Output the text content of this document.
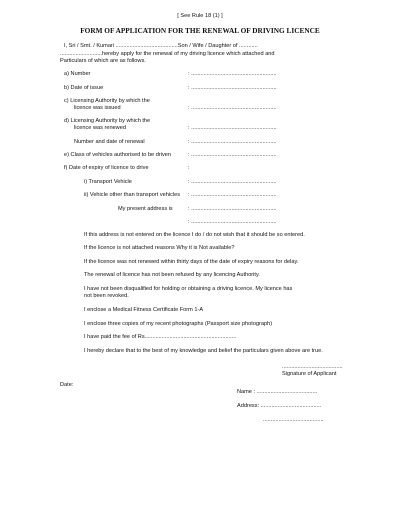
[ See Rule 18 (1) ]
FORM OF APPLICATION FOR THE RENEWAL OF DRIVING LICENCE
I, Sri / Smt. / Kumari ........................................Son / Wife / Daughter of ............
...........................hereby apply for the renewal of my driving licence which attached and
Particulars of which are as follows.
a) Number	: .......................................................
b) Date of issue	: .......................................................
c) Licensing Authority by which the
licence was issued	: .......................................................
d) Licensing Authority by which the
licence was renewed	: .......................................................
Number and date of renewal	: .......................................................
e) Class of vehicles authorised to be driven	: .......................................................
f) Date of expiry of licence to drive	:
i) Transport Vehicle	: .......................................................
ii) Vehicle other than transport vehicles : .......................................................
My present address is	: .......................................................
: .......................................................
If this address is not entered on the licence I do / do not wish that it should be so entered.
If the licence is not attached reasons Why it is Not available?
If the licence was not renewed within thirty days of the date of expiry reasons for delay.
The renewal of licence has not been refused by any licencing Authority.
I have not been disqualified for holding or obtaining a driving licence. My licence has
not been revoked.
I enclose a Medical Fitness Certificate Form 1-A
I enclose three copies of my recent photographs (Passport size photograph)
I have paid the fee of Rs...........................................................
I hereby declare that to the best of my knowledge and belief the particulars given above are true.
.......................................
Signature of Applicant
Date:
Name : .......................................
Address: .......................................
.......................................
